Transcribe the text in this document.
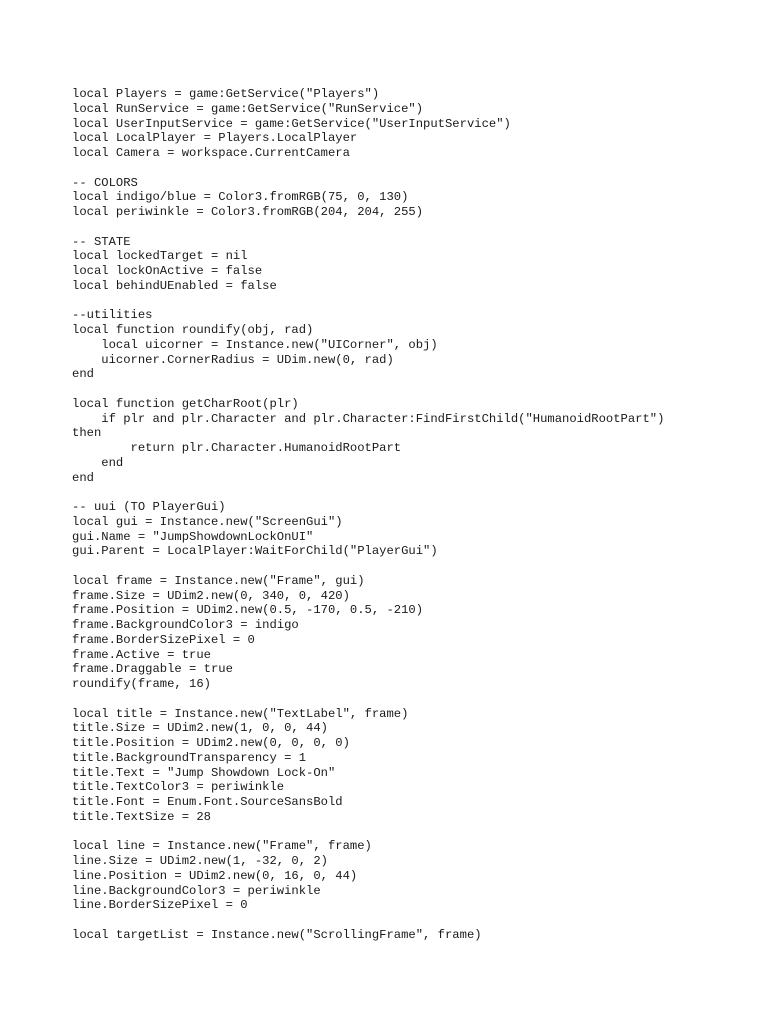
local Players = game:GetService("Players")
local RunService = game:GetService("RunService")
local UserInputService = game:GetService("UserInputService")
local LocalPlayer = Players.LocalPlayer
local Camera = workspace.CurrentCamera
-- COLORS
local indigo/blue = Color3.fromRGB(75, 0, 130)
local periwinkle = Color3.fromRGB(204, 204, 255)
-- STATE
local lockedTarget = nil
local lockOnActive = false
local behindUEnabled = false
--utilities
local function roundify(obj, rad)
local uicorner = Instance.new("UICorner", obj)
uicorner.CornerRadius = UDim.new(0, rad)
end
local function getCharRoot(plr)
if plr and plr.Character and plr.Character:FindFirstChild("HumanoidRootPart")
then
return plr.Character.HumanoidRootPart
end
end
-- uui (TO PlayerGui)
local gui = Instance.new("ScreenGui")
gui.Name = "JumpShowdownLockOnUI"
gui.Parent = LocalPlayer:WaitForChild("PlayerGui")
local frame = Instance.new("Frame", gui)
frame.Size = UDim2.new(0, 340, 0, 420)
frame.Position = UDim2.new(0.5, -170, 0.5, -210)
frame.BackgroundColor3 = indigo
frame.BorderSizePixel = 0
frame.Active = true
frame.Draggable = true
roundify(frame, 16)
local title = Instance.new("TextLabel", frame)
title.Size = UDim2.new(1, 0, 0, 44)
title.Position = UDim2.new(0, 0, 0, 0)
title.BackgroundTransparency = 1
title.Text = "Jump Showdown Lock-On"
title.TextColor3 = periwinkle
title.Font = Enum.Font.SourceSansBold
title.TextSize = 28
local line = Instance.new("Frame", frame)
line.Size = UDim2.new(1, -32, 0, 2)
line.Position = UDim2.new(0, 16, 0, 44)
line.BackgroundColor3 = periwinkle
line.BorderSizePixel = 0
local targetList = Instance.new("ScrollingFrame", frame)
